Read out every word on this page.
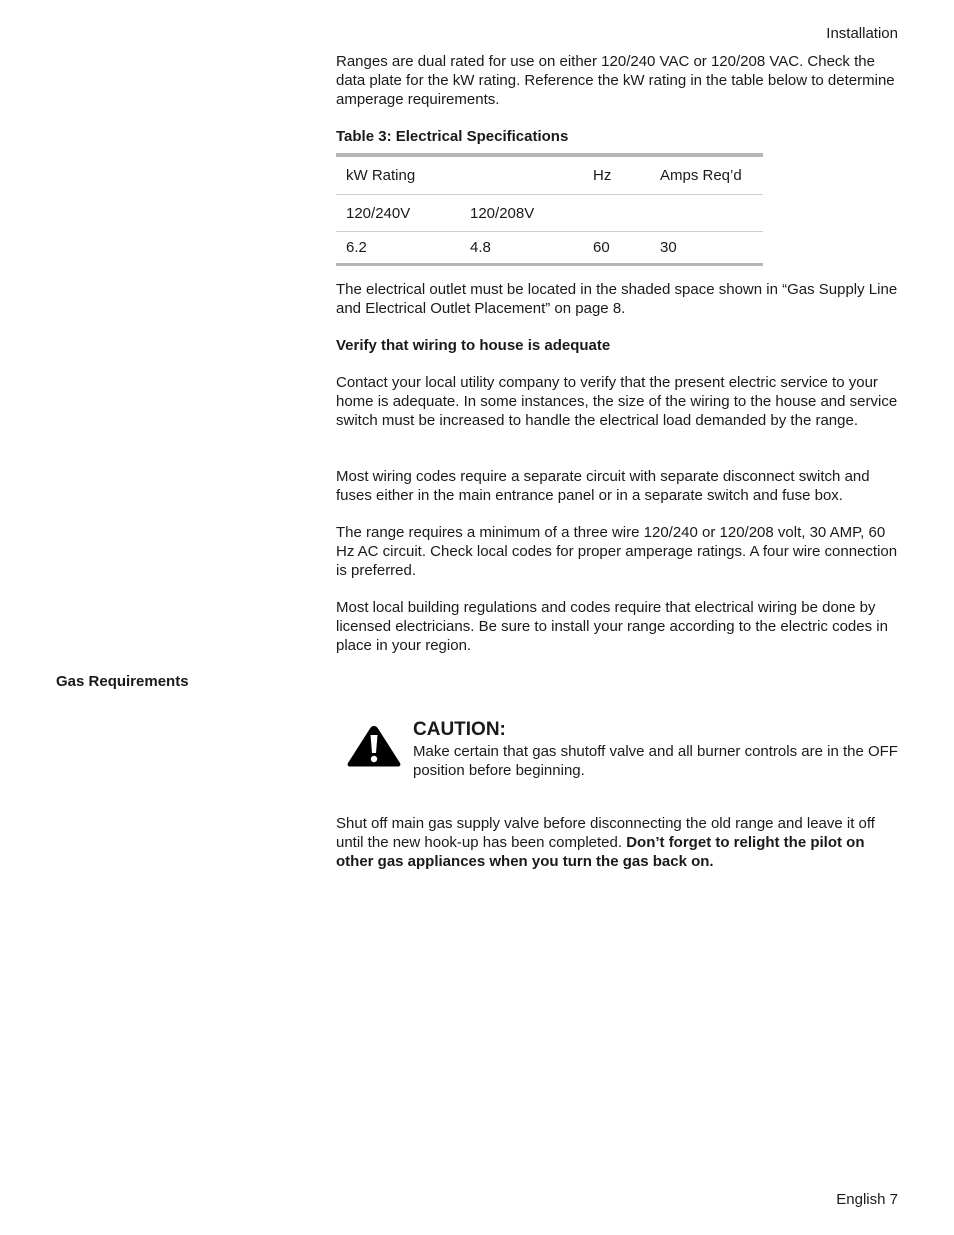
Installation

Ranges are dual rated for use on either 120/240 VAC or 120/208 VAC. Check the data plate for the kW rating. Reference the kW rating in the table below to determine amperage requirements.

Table 3: Electrical Specifications
kW Rating		Hz	Amps Req’d
120/240V	120/208V		
6.2	4.8	60	30

The electrical outlet must be located in the shaded space shown in “Gas Supply Line and Electrical Outlet Placement” on page 8.

Verify that wiring to house is adequate

Contact your local utility company to verify that the present electric service to your home is adequate. In some instances, the size of the wiring to the house and service switch must be increased to handle the electrical load demanded by the range.

Most wiring codes require a separate circuit with separate disconnect switch and fuses either in the main entrance panel or in a separate switch and fuse box.

The range requires a minimum of a three wire 120/240 or 120/208 volt, 30 AMP, 60 Hz AC circuit. Check local codes for proper amperage ratings. A four wire connection is preferred.

Most local building regulations and codes require that electrical wiring be done by licensed electricians. Be sure to install your range according to the electric codes in place in your region.

Gas Requirements
CAUTION:
Make certain that gas shutoff valve and all burner controls are in the OFF position before beginning.

Shut off main gas supply valve before disconnecting the old range and leave it off until the new hook-up has been completed. Don’t forget to relight the pilot on other gas appliances when you turn the gas back on.

English 7
